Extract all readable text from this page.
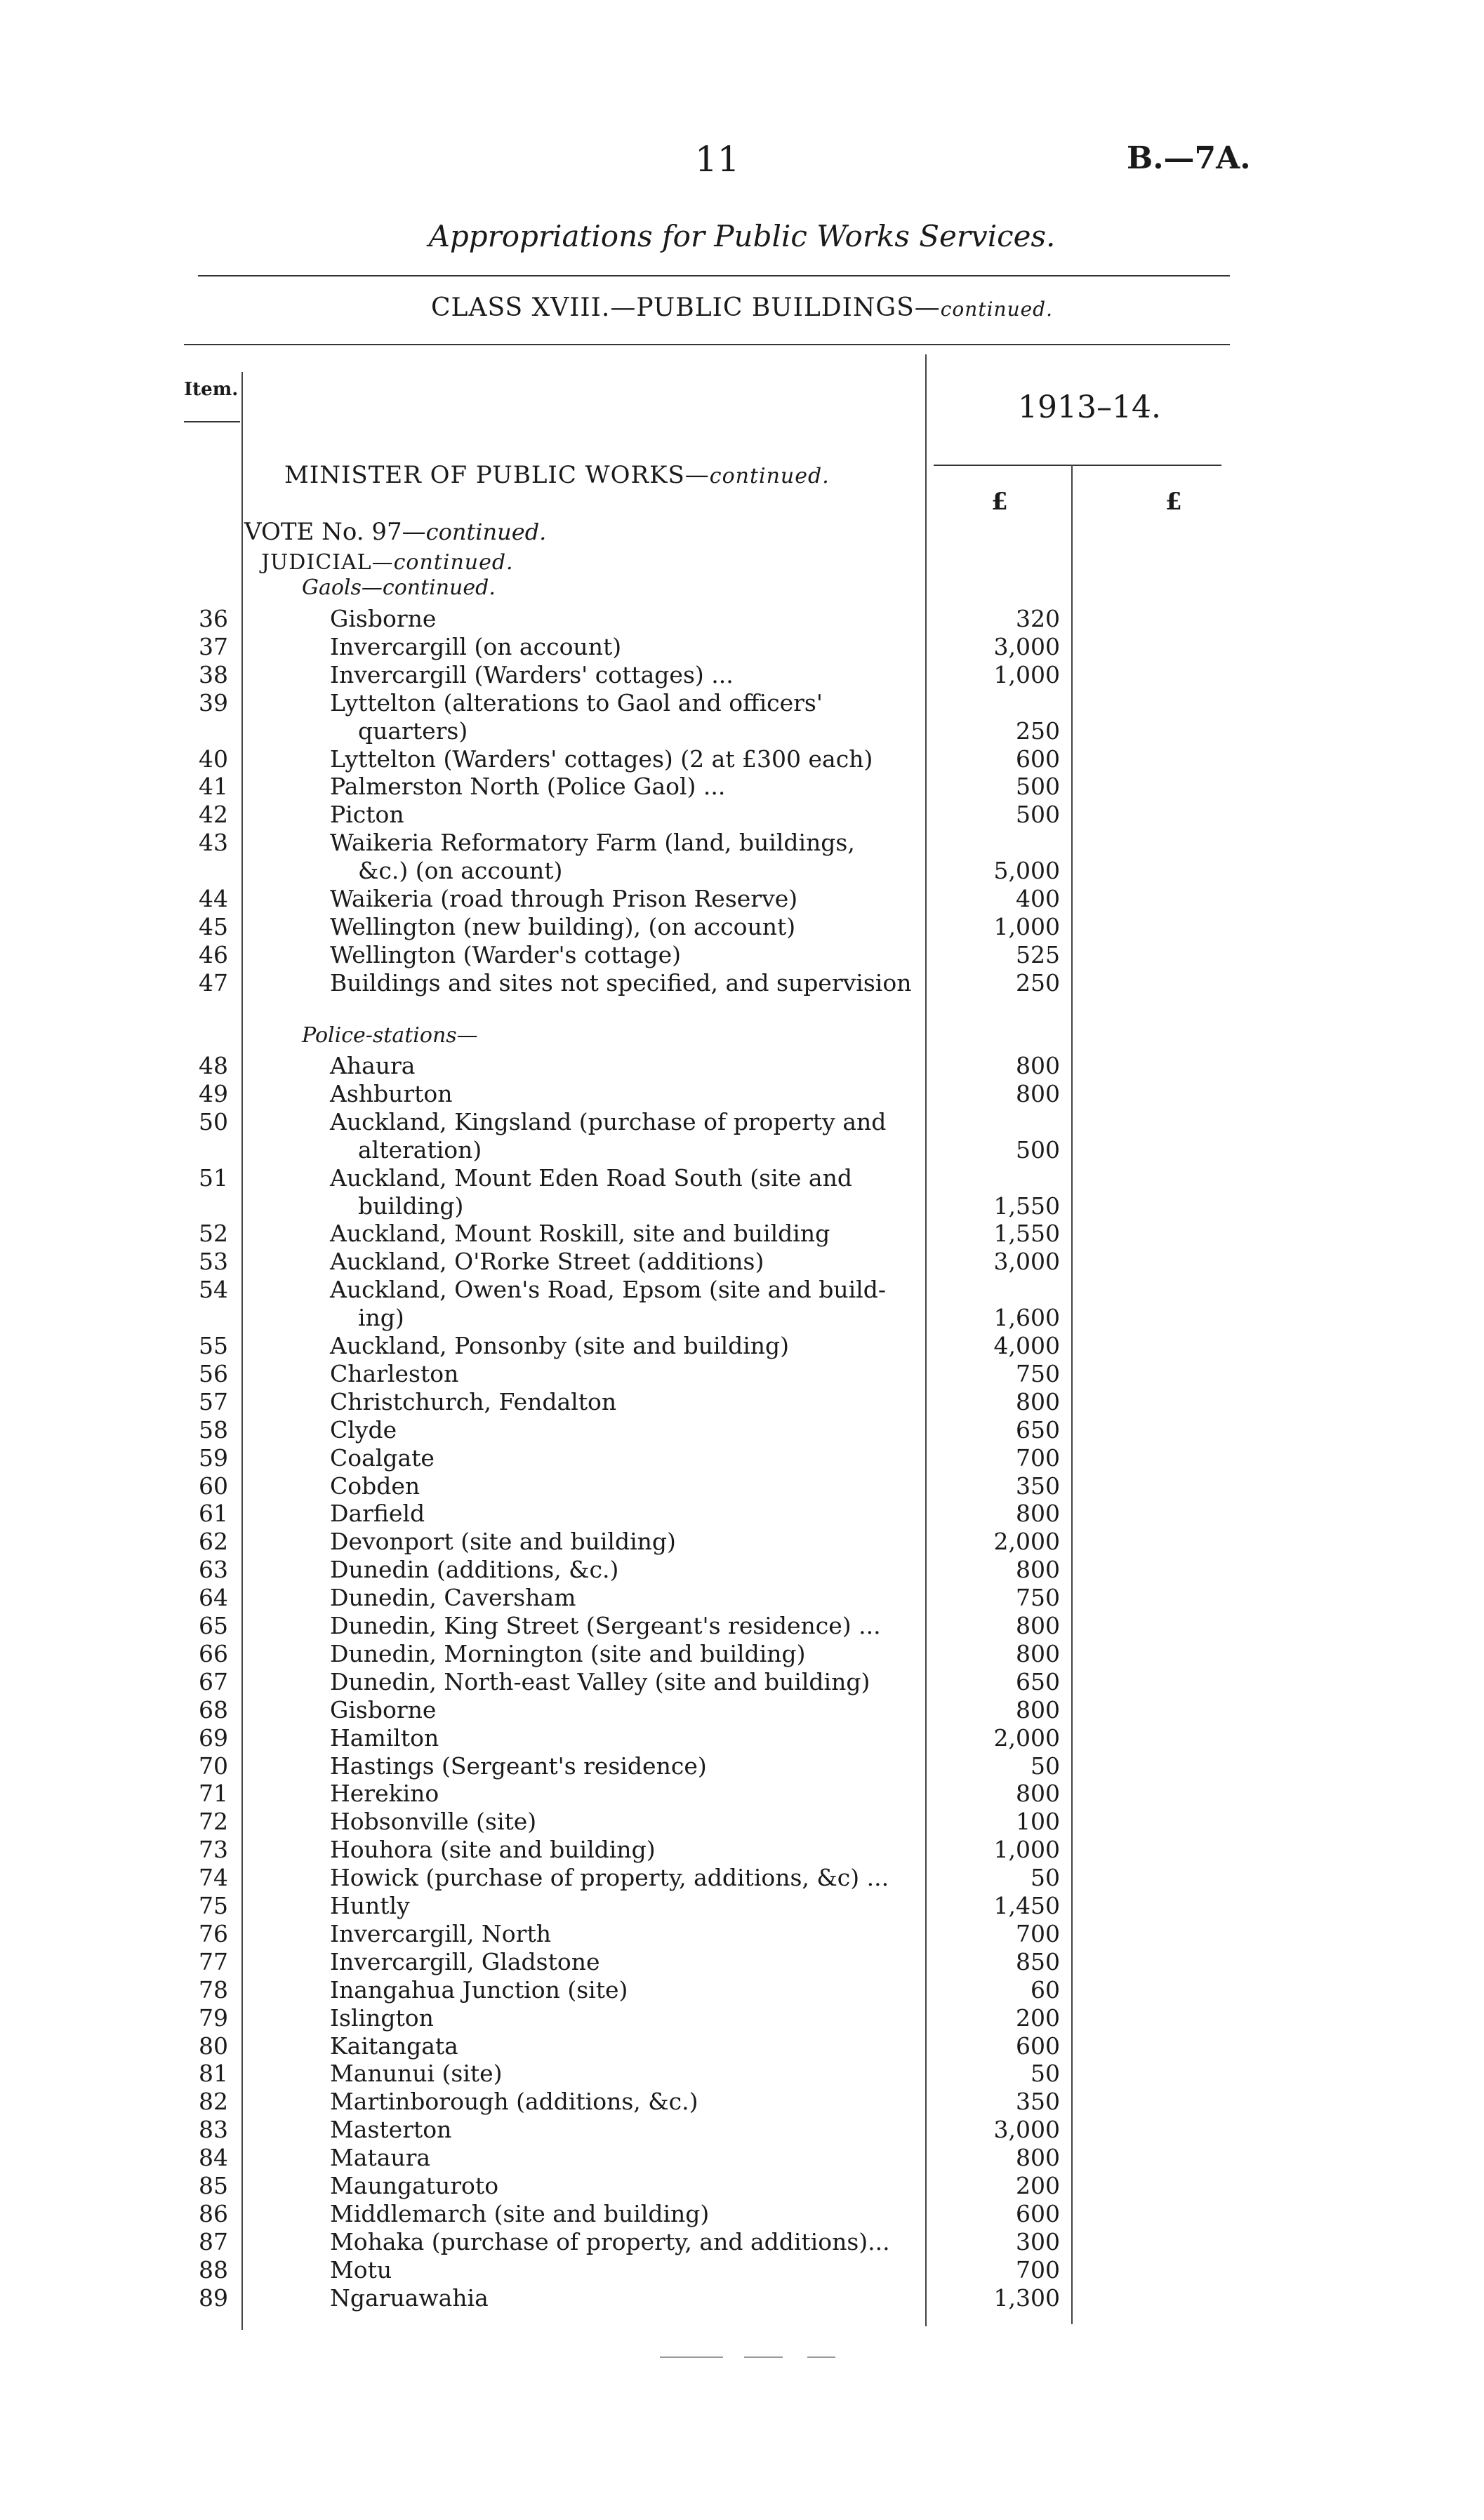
11	B.—7A.
Appropriations for Public Works Services.
CLASS XVIII.—PUBLIC BUILDINGS—continued.
Item.	1913–14.
MINISTER OF PUBLIC WORKS—continued.
£	£
VOTE No. 97—continued.
JUDICIAL—continued.
Gaols—continued.
Police-stations—
36	Gisborne	320
37	Invercargill (on account)	3,000
38	Invercargill (Warders' cottages) ...	1,000
39	Lyttelton (alterations to Gaol and officers'
quarters)	250
40	Lyttelton (Warders' cottages) (2 at £300 each)	600
41	Palmerston North (Police Gaol) ...	500
42	Picton	500
43	Waikeria Reformatory Farm (land, buildings,
&c.) (on account)	5,000
44	Waikeria (road through Prison Reserve)	400
45	Wellington (new building), (on account)	1,000
46	Wellington (Warder's cottage)	525
47	Buildings and sites not specified, and supervision	250
48	Ahaura	800
49	Ashburton	800
50	Auckland, Kingsland (purchase of property and
alteration)	500
51	Auckland, Mount Eden Road South (site and
building)	1,550
52	Auckland, Mount Roskill, site and building	1,550
53	Auckland, O'Rorke Street (additions)	3,000
54	Auckland, Owen's Road, Epsom (site and build-
ing)	1,600
55	Auckland, Ponsonby (site and building)	4,000
56	Charleston	750
57	Christchurch, Fendalton	800
58	Clyde	650
59	Coalgate	700
60	Cobden	350
61	Darfield	800
62	Devonport (site and building)	2,000
63	Dunedin (additions, &c.)	800
64	Dunedin, Caversham	750
65	Dunedin, King Street (Sergeant's residence) ...	800
66	Dunedin, Mornington (site and building)	800
67	Dunedin, North-east Valley (site and building)	650
68	Gisborne	800
69	Hamilton	2,000
70	Hastings (Sergeant's residence)	50
71	Herekino	800
72	Hobsonville (site)	100
73	Houhora (site and building)	1,000
74	Howick (purchase of property, additions, &c) ...	50
75	Huntly	1,450
76	Invercargill, North	700
77	Invercargill, Gladstone	850
78	Inangahua Junction (site)	60
79	Islington	200
80	Kaitangata	600
81	Manunui (site)	50
82	Martinborough (additions, &c.)	350
83	Masterton	3,000
84	Mataura	800
85	Maungaturoto	200
86	Middlemarch (site and building)	600
87	Mohaka (purchase of property, and additions)...	300
88	Motu	700
89	Ngaruawahia	1,300
